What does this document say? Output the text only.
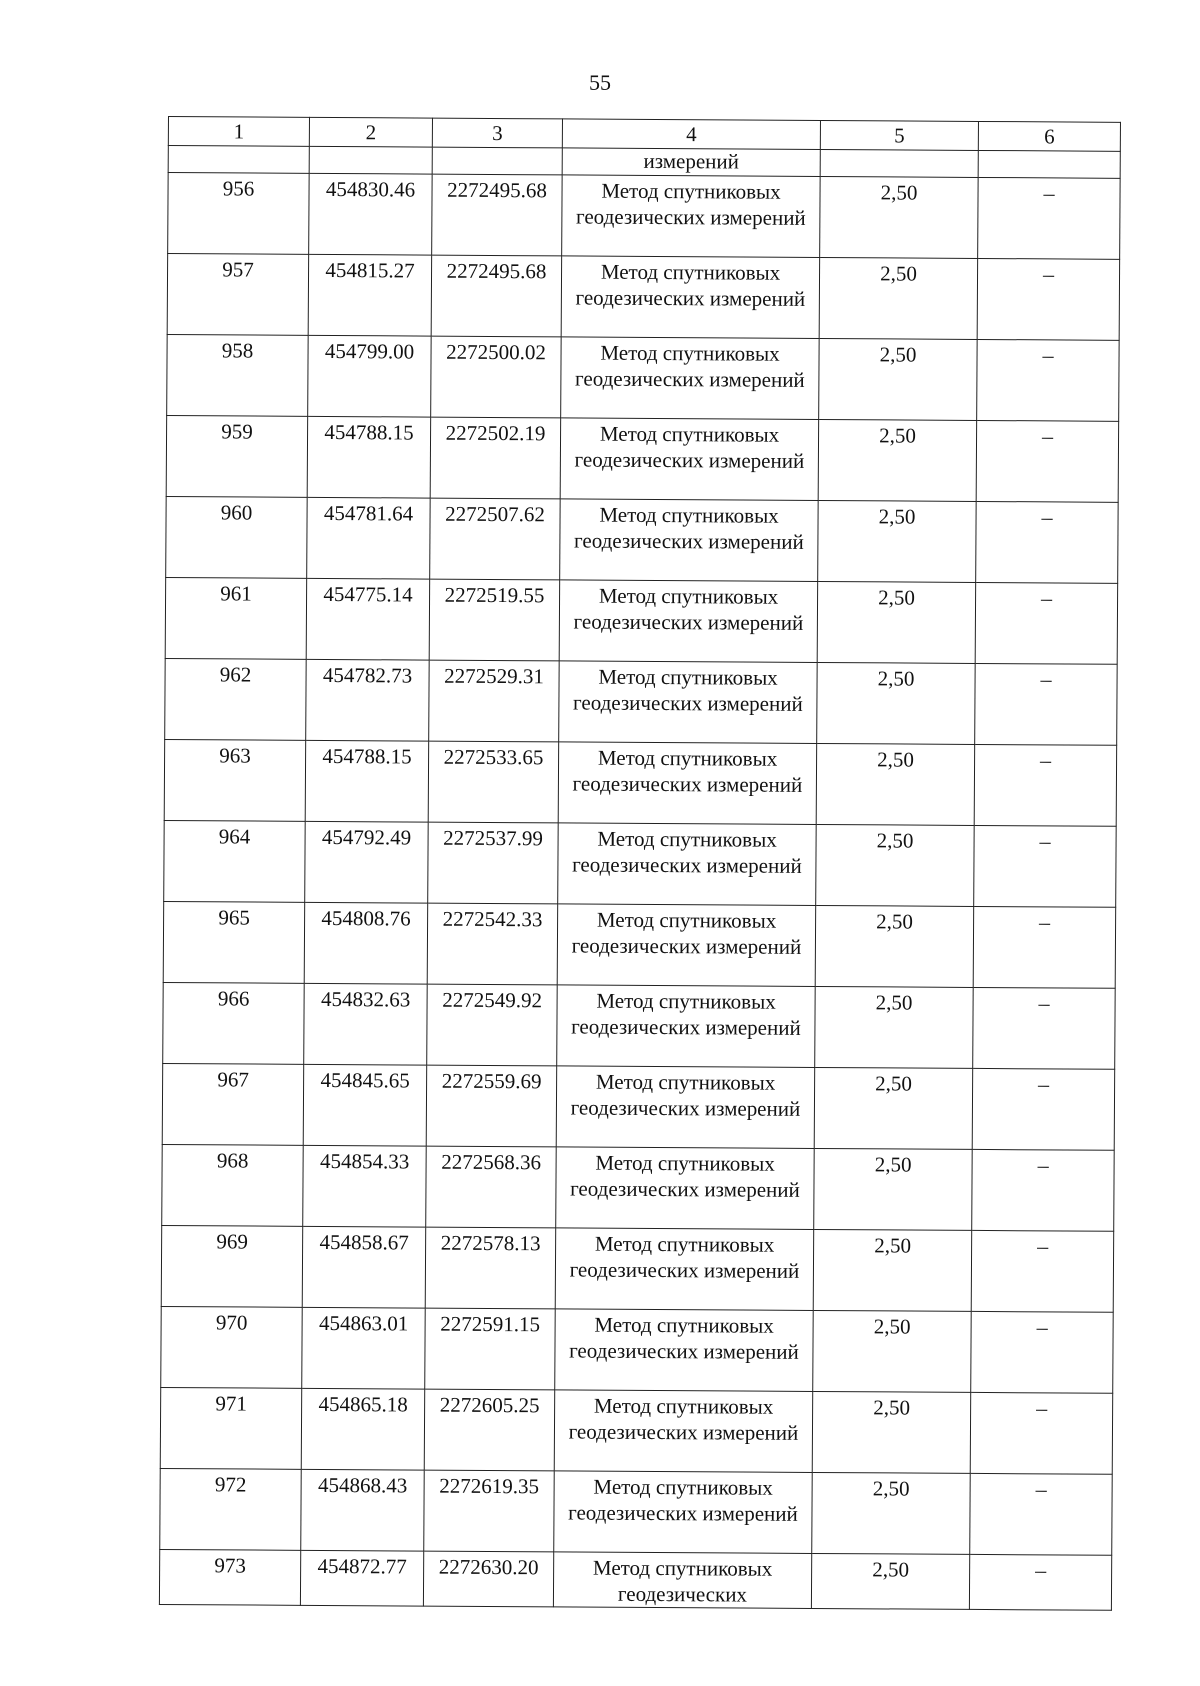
55
1	2	3	4	5	6
			измерений		
956	454830.46	2272495.68	Метод спутниковых геодезических измерений	2,50	–
957	454815.27	2272495.68	Метод спутниковых геодезических измерений	2,50	–
958	454799.00	2272500.02	Метод спутниковых геодезических измерений	2,50	–
959	454788.15	2272502.19	Метод спутниковых геодезических измерений	2,50	–
960	454781.64	2272507.62	Метод спутниковых геодезических измерений	2,50	–
961	454775.14	2272519.55	Метод спутниковых геодезических измерений	2,50	–
962	454782.73	2272529.31	Метод спутниковых геодезических измерений	2,50	–
963	454788.15	2272533.65	Метод спутниковых геодезических измерений	2,50	–
964	454792.49	2272537.99	Метод спутниковых геодезических измерений	2,50	–
965	454808.76	2272542.33	Метод спутниковых геодезических измерений	2,50	–
966	454832.63	2272549.92	Метод спутниковых геодезических измерений	2,50	–
967	454845.65	2272559.69	Метод спутниковых геодезических измерений	2,50	–
968	454854.33	2272568.36	Метод спутниковых геодезических измерений	2,50	–
969	454858.67	2272578.13	Метод спутниковых геодезических измерений	2,50	–
970	454863.01	2272591.15	Метод спутниковых геодезических измерений	2,50	–
971	454865.18	2272605.25	Метод спутниковых геодезических измерений	2,50	–
972	454868.43	2272619.35	Метод спутниковых геодезических измерений	2,50	–
973	454872.77	2272630.20	Метод спутниковых геодезических	2,50	–
